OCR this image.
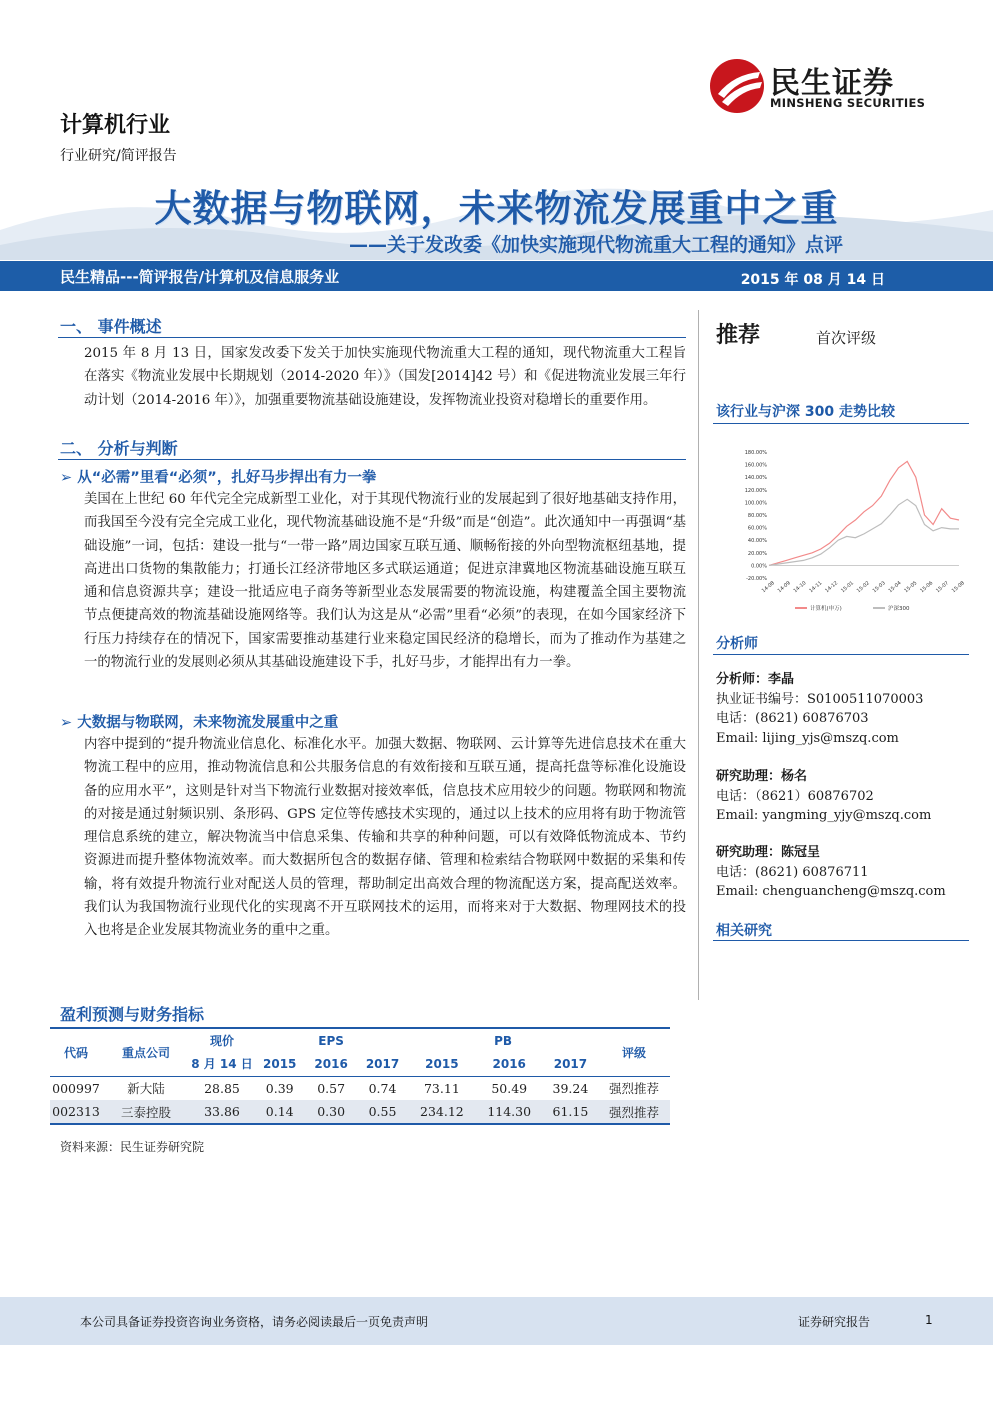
民生证券
MINSHENG SECURITIES
计算机行业
行业研究/简评报告
大数据与物联网，未来物流发展重中之重
——关于发改委《加快实施现代物流重大工程的通知》点评
民生精品---简评报告/计算机及信息服务业	2015 年 08 月 14 日
一、 事件概述
2015 年 8 月 13 日，国家发改委下发关于加快实施现代物流重大工程的通知，现代物流重大工程旨在落实《物流业发展中长期规划（2014-2020 年）》（国发[2014]42 号）和《促进物流业发展三年行动计划（2014-2016 年）》，加强重要物流基础设施建设，发挥物流业投资对稳增长的重要作用。
二、 分析与判断
➢ 从“必需”里看“必须”，扎好马步捍出有力一拳
美国在上世纪 60 年代完全完成新型工业化，对于其现代物流行业的发展起到了很好地基础支持作用，而我国至今没有完全完成工业化，现代物流基础设施不是“升级”而是“创造”。此次通知中一再强调“基础设施”一词，包括：建设一批与“一带一路”周边国家互联互通、顺畅衔接的外向型物流枢纽基地，提高进出口货物的集散能力；打通长江经济带地区多式联运通道；促进京津冀地区物流基础设施互联互通和信息资源共享；建设一批适应电子商务等新型业态发展需要的物流设施，构建覆盖全国主要物流节点便捷高效的物流基础设施网络等。我们认为这是从“必需”里看“必须”的表现，在如今国家经济下行压力持续存在的情况下，国家需要推动基建行业来稳定国民经济的稳增长，而为了推动作为基建之一的物流行业的发展则必须从其基础设施建设下手，扎好马步，才能捍出有力一拳。
➢ 大数据与物联网，未来物流发展重中之重
内容中提到的“提升物流业信息化、标准化水平。加强大数据、物联网、云计算等先进信息技术在重大物流工程中的应用，推动物流信息和公共服务信息的有效衔接和互联互通，提高托盘等标准化设施设备的应用水平”，这则是针对当下物流行业数据对接效率低，信息技术应用较少的问题。物联网和物流的对接是通过射频识别、条形码、GPS 定位等传感技术实现的，通过以上技术的应用将有助于物流管理信息系统的建立，解决物流当中信息采集、传输和共享的种种问题，可以有效降低物流成本、节约资源进而提升整体物流效率。而大数据所包含的数据存储、管理和检索结合物联网中数据的采集和传输，将有效提升物流行业对配送人员的管理，帮助制定出高效合理的物流配送方案，提高配送效率。我们认为我国物流行业现代化的实现离不开互联网技术的运用，而将来对于大数据、物理网技术的投入也将是企业发展其物流业务的重中之重。
推荐	首次评级
该行业与沪深 300 走势比较
180.00%
160.00%
140.00%
120.00%
100.00%
80.00%
60.00%
40.00%
20.00%
0.00%
-20.00%
14-08 14-09 14-10 14-11 14-12 15-01 15-02 15-03 15-04 15-05 15-06 15-07 15-08
计算机(申万)	沪深300
分析师
分析师：李晶
执业证书编号：S0100511070003
电话：(8621) 60876703
Email: lijing_yjs@mszq.com
研究助理：杨名
电话：（8621）60876702
Email: yangming_yjy@mszq.com
研究助理：陈冠呈
电话：(8621) 60876711
Email: chenguancheng@mszq.com
相关研究
盈利预测与财务指标
代码	重点公司	现价	EPS			PB			评级
		8 月 14 日	2015	2016	2017	2015	2016	2017	
000997	新大陆	28.85	0.39	0.57	0.74	73.11	50.49	39.24	强烈推荐
002313	三泰控股	33.86	0.14	0.30	0.55	234.12	114.30	61.15	强烈推荐
资料来源：民生证券研究院
本公司具备证券投资咨询业务资格，请务必阅读最后一页免责声明	证券研究报告	1
